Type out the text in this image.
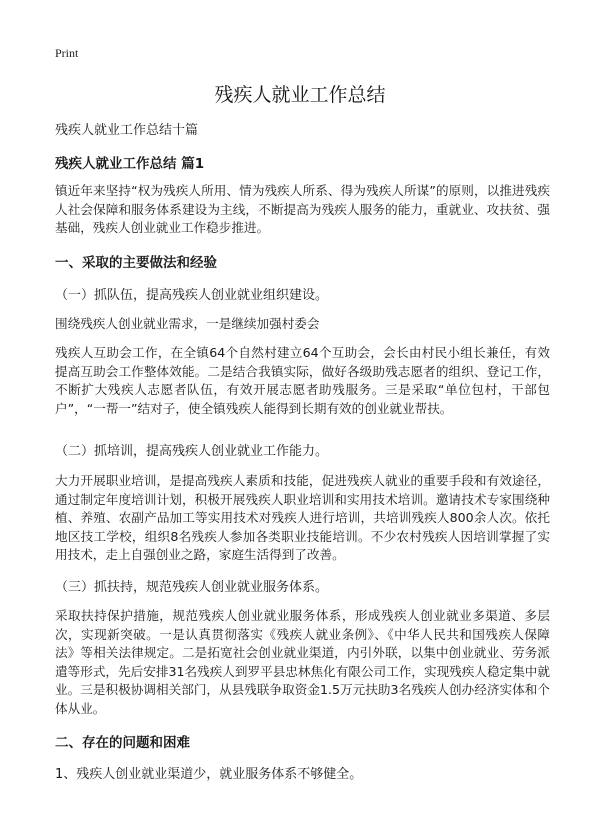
Print
残疾人就业工作总结
残疾人就业工作总结十篇
残疾人就业工作总结 篇1
镇近年来坚持“权为残疾人所用、情为残疾人所系、得为残疾人所谋”的原则，以推进残疾人社会保障和服务体系建设为主线，不断提高为残疾人服务的能力，重就业、攻扶贫、强基础，残疾人创业就业工作稳步推进。
一、采取的主要做法和经验
（一）抓队伍，提高残疾人创业就业组织建设。
围绕残疾人创业就业需求，一是继续加强村委会
残疾人互助会工作，在全镇64个自然村建立64个互助会，会长由村民小组长兼任，有效提高互助会工作整体效能。二是结合我镇实际，做好各级助残志愿者的组织、登记工作，不断扩大残疾人志愿者队伍，有效开展志愿者助残服务。三是采取“单位包村，干部包户”，“一帮一”结对子，使全镇残疾人能得到长期有效的创业就业帮扶。
（二）抓培训，提高残疾人创业就业工作能力。
大力开展职业培训，是提高残疾人素质和技能，促进残疾人就业的重要手段和有效途径，通过制定年度培训计划，积极开展残疾人职业培训和实用技术培训。邀请技术专家围绕种植、养殖、农副产品加工等实用技术对残疾人进行培训，共培训残疾人800余人次。依托地区技工学校，组织8名残疾人参加各类职业技能培训。不少农村残疾人因培训掌握了实用技术，走上自强创业之路，家庭生活得到了改善。
（三）抓扶持，规范残疾人创业就业服务体系。
采取扶持保护措施，规范残疾人创业就业服务体系，形成残疾人创业就业多渠道、多层次，实现新突破。一是认真贯彻落实《残疾人就业条例》、《中华人民共和国残疾人保障法》等相关法律规定。二是拓宽社会创业就业渠道，内引外联，以集中创业就业、劳务派遣等形式，先后安排31名残疾人到罗平县忠林焦化有限公司工作，实现残疾人稳定集中就业。三是积极协调相关部门，从县残联争取资金1.5万元扶助3名残疾人创办经济实体和个体从业。
二、存在的问题和困难
1、残疾人创业就业渠道少，就业服务体系不够健全。
